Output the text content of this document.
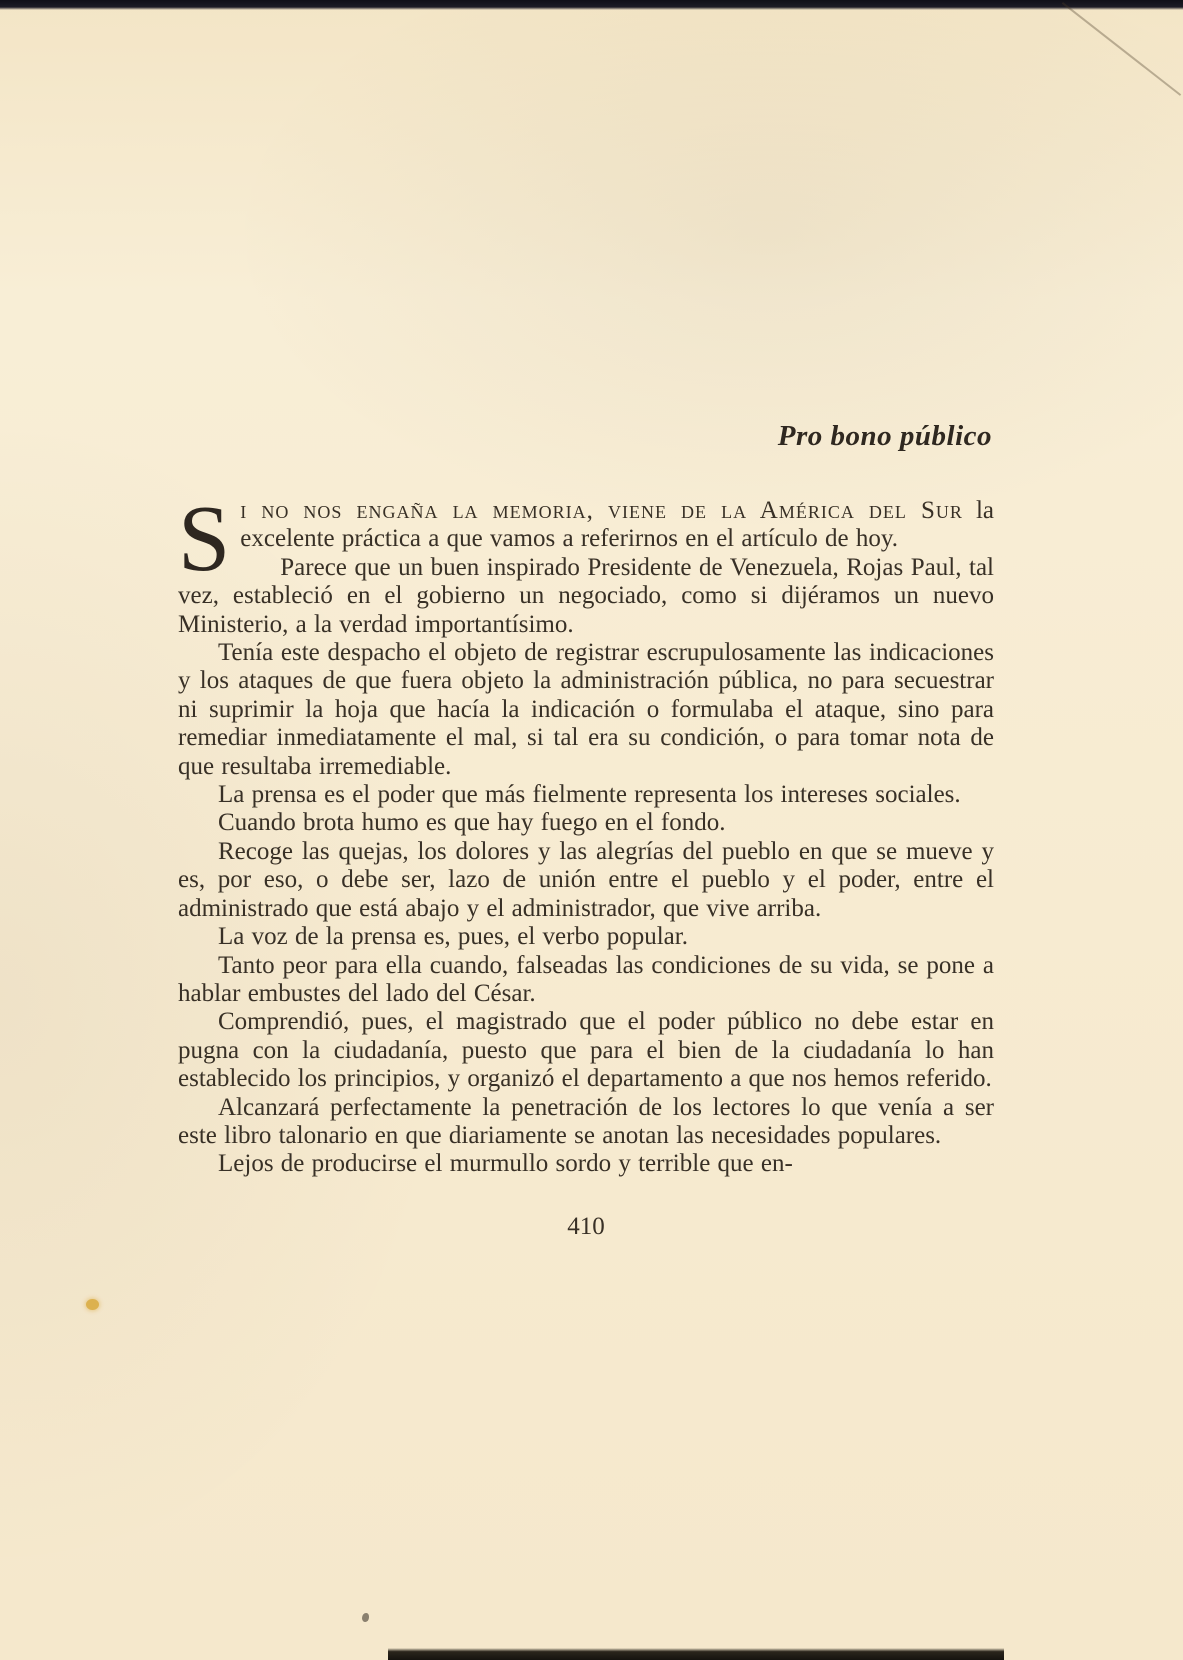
Pro bono público

Si no nos engaña la memoria, viene de la América del Sur la excelente práctica a que vamos a referirnos en el artículo de hoy.

Parece que un buen inspirado Presidente de Venezuela, Rojas Paul, tal vez, estableció en el gobierno un negociado, como si dijéramos un nuevo Ministerio, a la verdad importantísimo.

Tenía este despacho el objeto de registrar escrupulosamente las indicaciones y los ataques de que fuera objeto la administración pública, no para secuestrar ni suprimir la hoja que hacía la indicación o formulaba el ataque, sino para remediar inmediatamente el mal, si tal era su condición, o para tomar nota de que resultaba irremediable.

La prensa es el poder que más fielmente representa los intereses sociales.

Cuando brota humo es que hay fuego en el fondo.

Recoge las quejas, los dolores y las alegrías del pueblo en que se mueve y es, por eso, o debe ser, lazo de unión entre el pueblo y el poder, entre el administrado que está abajo y el administrador, que vive arriba.

La voz de la prensa es, pues, el verbo popular.

Tanto peor para ella cuando, falseadas las condiciones de su vida, se pone a hablar embustes del lado del César.

Comprendió, pues, el magistrado que el poder público no debe estar en pugna con la ciudadanía, puesto que para el bien de la ciudadanía lo han establecido los principios, y organizó el departamento a que nos hemos referido.

Alcanzará perfectamente la penetración de los lectores lo que venía a ser este libro talonario en que diariamente se anotan las necesidades populares.

Lejos de producirse el murmullo sordo y terrible que en-

410
